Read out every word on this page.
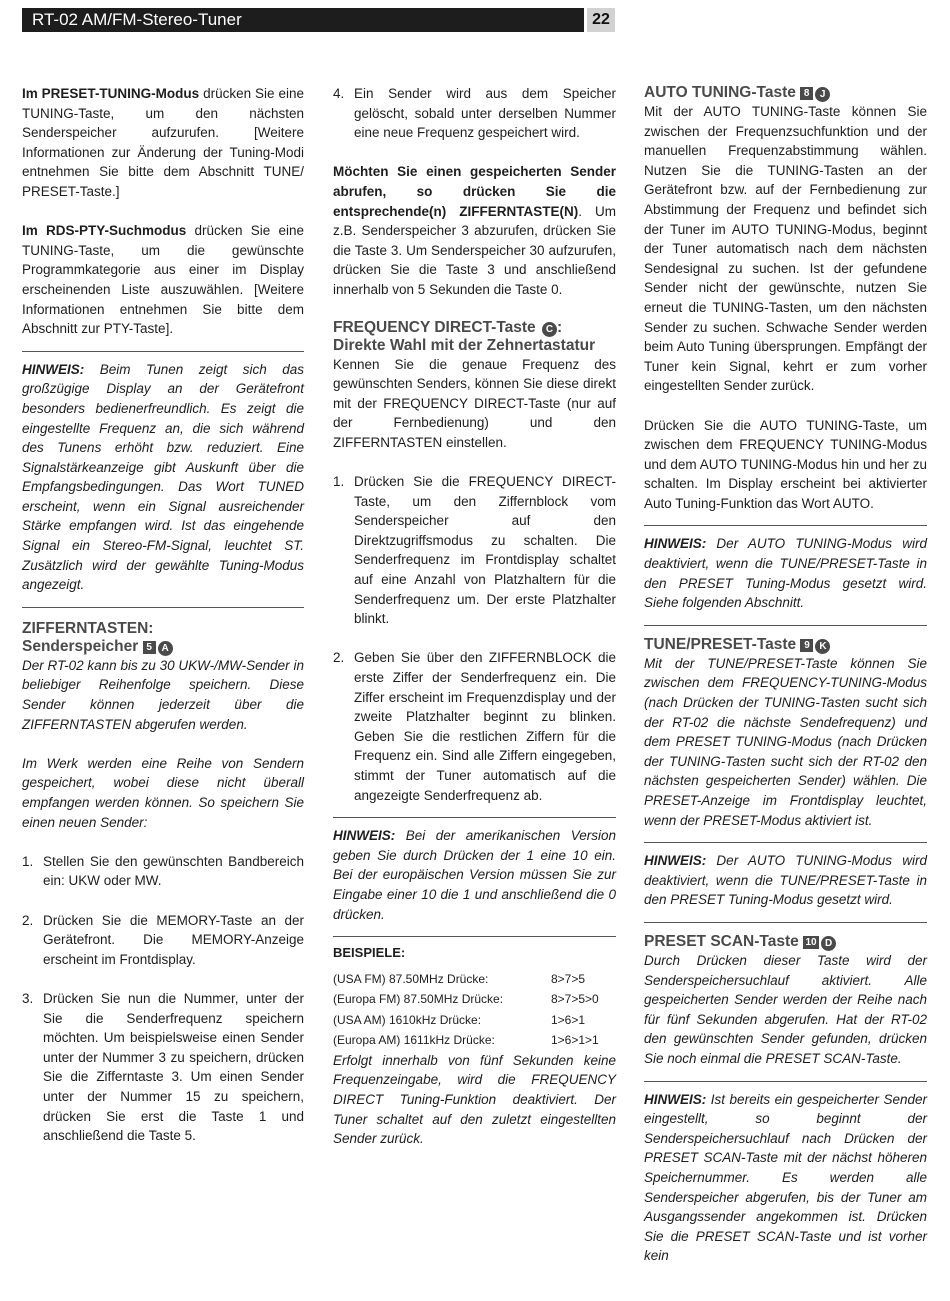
RT-02 AM/FM-Stereo-Tuner	22

Im PRESET-TUNING-Modus drücken Sie eine TUNING-Taste, um den nächsten Senderspeicher aufzurufen. [Weitere Informationen zur Änderung der Tuning-Modi entnehmen Sie bitte dem Abschnitt TUNE/ PRESET-Taste.]

Im RDS-PTY-Suchmodus drücken Sie eine TUNING-Taste, um die gewünschte Programmkategorie aus einer im Display erscheinenden Liste auszuwählen. [Weitere Informationen entnehmen Sie bitte dem Abschnitt zur PTY-Taste].

HINWEIS: Beim Tunen zeigt sich das großzügige Display an der Gerätefront besonders bedienerfreundlich. Es zeigt die eingestellte Frequenz an, die sich während des Tunens erhöht bzw. reduziert. Eine Signalstärkeanzeige gibt Auskunft über die Empfangsbedingungen. Das Wort TUNED erscheint, wenn ein Signal ausreichender Stärke empfangen wird. Ist das eingehende Signal ein Stereo-FM-Signal, leuchtet ST. Zusätzlich wird der gewählte Tuning-Modus angezeigt.

ZIFFERNTASTEN:
Senderspeicher 5 A

Der RT-02 kann bis zu 30 UKW-/MW-Sender in beliebiger Reihenfolge speichern. Diese Sender können jederzeit über die ZIFFERNTASTEN abgerufen werden.

Im Werk werden eine Reihe von Sendern gespeichert, wobei diese nicht überall empfangen werden können. So speichern Sie einen neuen Sender:

1. Stellen Sie den gewünschten Bandbereich ein: UKW oder MW.
2. Drücken Sie die MEMORY-Taste an der Gerätefront. Die MEMORY-Anzeige erscheint im Frontdisplay.
3. Drücken Sie nun die Nummer, unter der Sie die Senderfrequenz speichern möchten. Um beispielsweise einen Sender unter der Nummer 3 zu speichern, drücken Sie die Zifferntaste 3. Um einen Sender unter der Nummer 15 zu speichern, drücken Sie erst die Taste 1 und anschließend die Taste 5.
4. Ein Sender wird aus dem Speicher gelöscht, sobald unter derselben Nummer eine neue Frequenz gespeichert wird.

Möchten Sie einen gespeicherten Sender abrufen, so drücken Sie die entsprechende(n) ZIFFERNTASTE(N). Um z.B. Senderspeicher 3 abzurufen, drücken Sie die Taste 3. Um Senderspeicher 30 aufzurufen, drücken Sie die Taste 3 und anschließend innerhalb von 5 Sekunden die Taste 0.

FREQUENCY DIRECT-Taste C :
Direkte Wahl mit der Zehnertastatur

Kennen Sie die genaue Frequenz des gewünschten Senders, können Sie diese direkt mit der FREQUENCY DIRECT-Taste (nur auf der Fernbedienung) und den ZIFFERNTASTEN einstellen.

1. Drücken Sie die FREQUENCY DIRECT-Taste, um den Ziffernblock vom Senderspeicher auf den Direktzugriffsmodus zu schalten. Die Senderfrequenz im Frontdisplay schaltet auf eine Anzahl von Platzhaltern für die Senderfrequenz um. Der erste Platzhalter blinkt.
2. Geben Sie über den ZIFFERNBLOCK die erste Ziffer der Senderfrequenz ein. Die Ziffer erscheint im Frequenzdisplay und der zweite Platzhalter beginnt zu blinken. Geben Sie die restlichen Ziffern für die Frequenz ein. Sind alle Ziffern eingegeben, stimmt der Tuner automatisch auf die angezeigte Senderfrequenz ab.

HINWEIS: Bei der amerikanischen Version geben Sie durch Drücken der 1 eine 10 ein. Bei der europäischen Version müssen Sie zur Eingabe einer 10 die 1 und anschließend die 0 drücken.

BEISPIELE:
(USA FM) 87.50MHz Drücke:	8>7>5
(Europa FM) 87.50MHz Drücke:	8>7>5>0
(USA AM) 1610kHz Drücke:	1>6>1
(Europa AM) 1611kHz Drücke:	1>6>1>1

Erfolgt innerhalb von fünf Sekunden keine Frequenzeingabe, wird die FREQUENCY DIRECT Tuning-Funktion deaktiviert. Der Tuner schaltet auf den zuletzt eingestellten Sender zurück.

AUTO TUNING-Taste 8 J

Mit der AUTO TUNING-Taste können Sie zwischen der Frequenzsuchfunktion und der manuellen Frequenzabstimmung wählen. Nutzen Sie die TUNING-Tasten an der Gerätefront bzw. auf der Fernbedienung zur Abstimmung der Frequenz und befindet sich der Tuner im AUTO TUNING-Modus, beginnt der Tuner automatisch nach dem nächsten Sendesignal zu suchen. Ist der gefundene Sender nicht der gewünschte, nutzen Sie erneut die TUNING-Tasten, um den nächsten Sender zu suchen. Schwache Sender werden beim Auto Tuning übersprungen. Empfängt der Tuner kein Signal, kehrt er zum vorher eingestellten Sender zurück.

Drücken Sie die AUTO TUNING-Taste, um zwischen dem FREQUENCY TUNING-Modus und dem AUTO TUNING-Modus hin und her zu schalten. Im Display erscheint bei aktivierter Auto Tuning-Funktion das Wort AUTO.

HINWEIS: Der AUTO TUNING-Modus wird deaktiviert, wenn die TUNE/PRESET-Taste in den PRESET Tuning-Modus gesetzt wird. Siehe folgenden Abschnitt.

TUNE/PRESET-Taste 9 K

Mit der TUNE/PRESET-Taste können Sie zwischen dem FREQUENCY-TUNING-Modus (nach Drücken der TUNING-Tasten sucht sich der RT-02 die nächste Sendefrequenz) und dem PRESET TUNING-Modus (nach Drücken der TUNING-Tasten sucht sich der RT-02 den nächsten gespeicherten Sender) wählen. Die PRESET-Anzeige im Frontdisplay leuchtet, wenn der PRESET-Modus aktiviert ist.

HINWEIS: Der AUTO TUNING-Modus wird deaktiviert, wenn die TUNE/PRESET-Taste in den PRESET Tuning-Modus gesetzt wird.

PRESET SCAN-Taste 10 D

Durch Drücken dieser Taste wird der Senderspeichersuchlauf aktiviert. Alle gespeicherten Sender werden der Reihe nach für fünf Sekunden abgerufen. Hat der RT-02 den gewünschten Sender gefunden, drücken Sie noch einmal die PRESET SCAN-Taste.

HINWEIS: Ist bereits ein gespeicherter Sender eingestellt, so beginnt der Senderspeichersuchlauf nach Drücken der PRESET SCAN-Taste mit der nächst höheren Speichernummer. Es werden alle Senderspeicher abgerufen, bis der Tuner am Ausgangssender angekommen ist. Drücken Sie die PRESET SCAN-Taste und ist vorher kein
